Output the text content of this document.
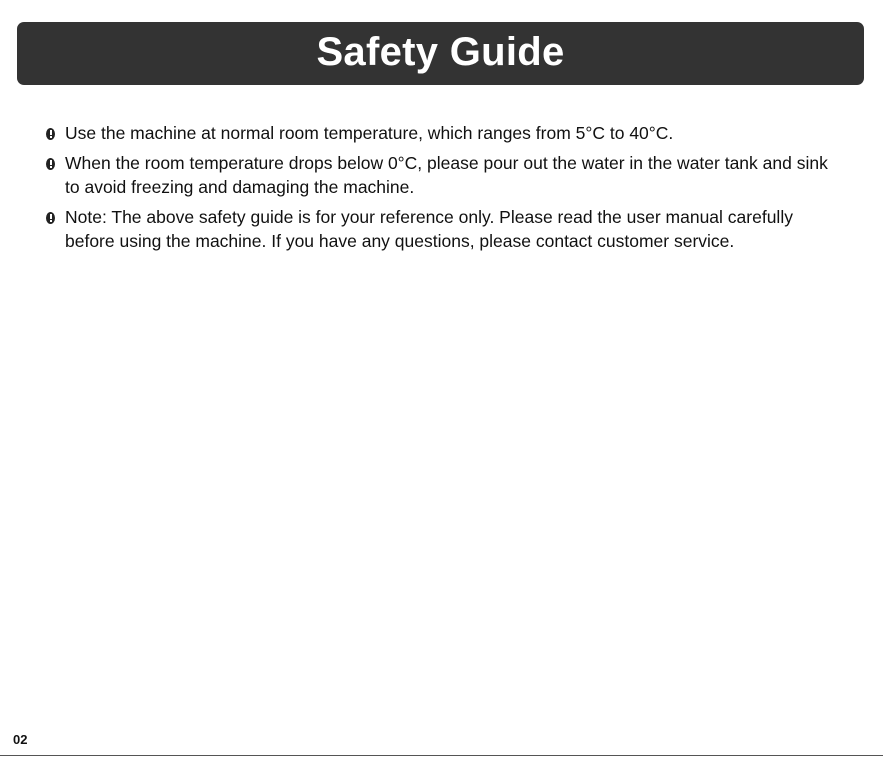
Safety Guide
Use the machine at normal room temperature, which ranges from 5°C to 40°C.
When the room temperature drops below 0°C, please pour out the water in the water tank and sink to avoid freezing and damaging the machine.
Note: The above safety guide is for your reference only. Please read the user manual carefully before using the machine. If you have any questions, please contact customer service.
02
